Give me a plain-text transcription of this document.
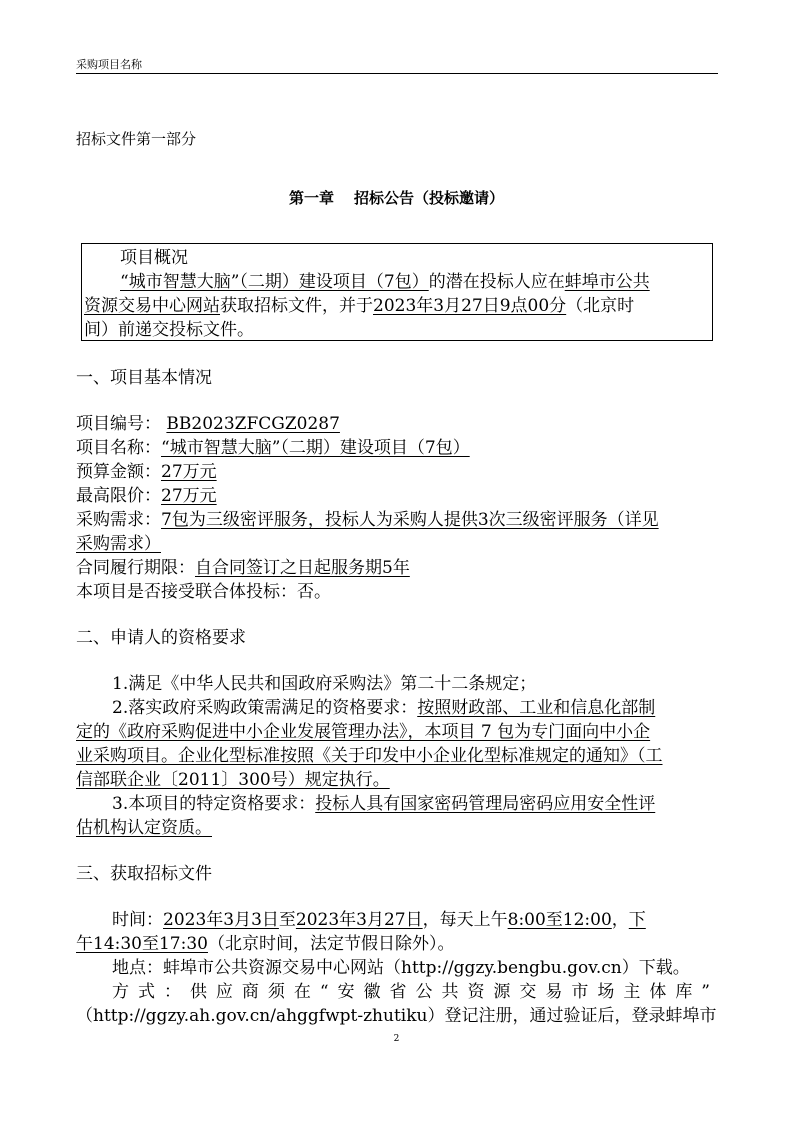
采购项目名称
招标文件第一部分
第一章 招标公告（投标邀请）
项目概况
“城市智慧大脑”（二期）建设项目（7包）的潜在投标人应在蚌埠市公共
资源交易中心网站获取招标文件，并于2023年3月27日9点00分（北京时
间）前递交投标文件。
一、项目基本情况
项目编号： BB2023ZFCGZ0287
项目名称：“城市智慧大脑”（二期）建设项目（7包）
预算金额：27万元
最高限价：27万元
采购需求：7包为三级密评服务，投标人为采购人提供3次三级密评服务（详见
采购需求）
合同履行期限：自合同签订之日起服务期5年
本项目是否接受联合体投标：否。
二、申请人的资格要求
1.满足《中华人民共和国政府采购法》第二十二条规定；
2.落实政府采购政策需满足的资格要求：按照财政部、工业和信息化部制
定的《政府采购促进中小企业发展管理办法》，本项目 7 包为专门面向中小企
业采购项目。企业化型标准按照《关于印发中小企业化型标准规定的通知》（工
信部联企业〔2011〕300号）规定执行。
3.本项目的特定资格要求：投标人具有国家密码管理局密码应用安全性评
估机构认定资质。
三、获取招标文件
时间：2023年3月3日至2023年3月27日，每天上午8:00至12:00，下
午14:30至17:30（北京时间，法定节假日除外）。
地点：蚌埠市公共资源交易中心网站（http://ggzy.bengbu.gov.cn）下载。
方式：供应商须在“安徽省公共资源交易市场主体库”
（http://ggzy.ah.gov.cn/ahggfwpt-zhutiku）登记注册，通过验证后，登录蚌埠市
2
